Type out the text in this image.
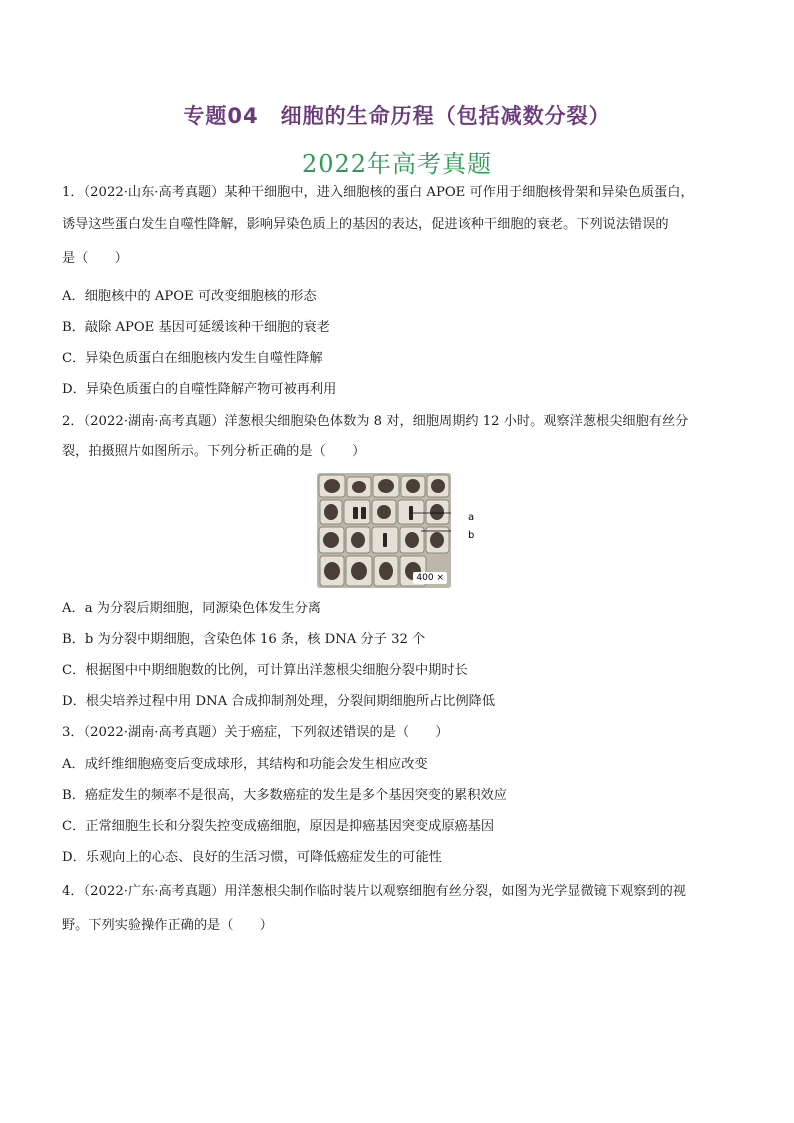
专题04　细胞的生命历程（包括减数分裂）
2022年高考真题
1．（2022·山东·高考真题）某种干细胞中，进入细胞核的蛋白 APOE 可作用于细胞核骨架和异染色质蛋白，
诱导这些蛋白发生自噬性降解，影响异染色质上的基因的表达，促进该种干细胞的衰老。下列说法错误的
是（　　）
A．细胞核中的 APOE 可改变细胞核的形态
B．敲除 APOE 基因可延缓该种干细胞的衰老
C．异染色质蛋白在细胞核内发生自噬性降解
D．异染色质蛋白的自噬性降解产物可被再利用
2．（2022·湖南·高考真题）洋葱根尖细胞染色体数为 8 对，细胞周期约 12 小时。观察洋葱根尖细胞有丝分
裂，拍摄照片如图所示。下列分析正确的是（　　）
400 ×
a
b
A．a 为分裂后期细胞，同源染色体发生分离
B．b 为分裂中期细胞，含染色体 16 条，核 DNA 分子 32 个
C．根据图中中期细胞数的比例，可计算出洋葱根尖细胞分裂中期时长
D．根尖培养过程中用 DNA 合成抑制剂处理，分裂间期细胞所占比例降低
3．（2022·湖南·高考真题）关于癌症，下列叙述错误的是（　　）
A．成纤维细胞癌变后变成球形，其结构和功能会发生相应改变
B．癌症发生的频率不是很高，大多数癌症的发生是多个基因突变的累积效应
C．正常细胞生长和分裂失控变成癌细胞，原因是抑癌基因突变成原癌基因
D．乐观向上的心态、良好的生活习惯，可降低癌症发生的可能性
4．（2022·广东·高考真题）用洋葱根尖制作临时装片以观察细胞有丝分裂，如图为光学显微镜下观察到的视
野。下列实验操作正确的是（　　）
